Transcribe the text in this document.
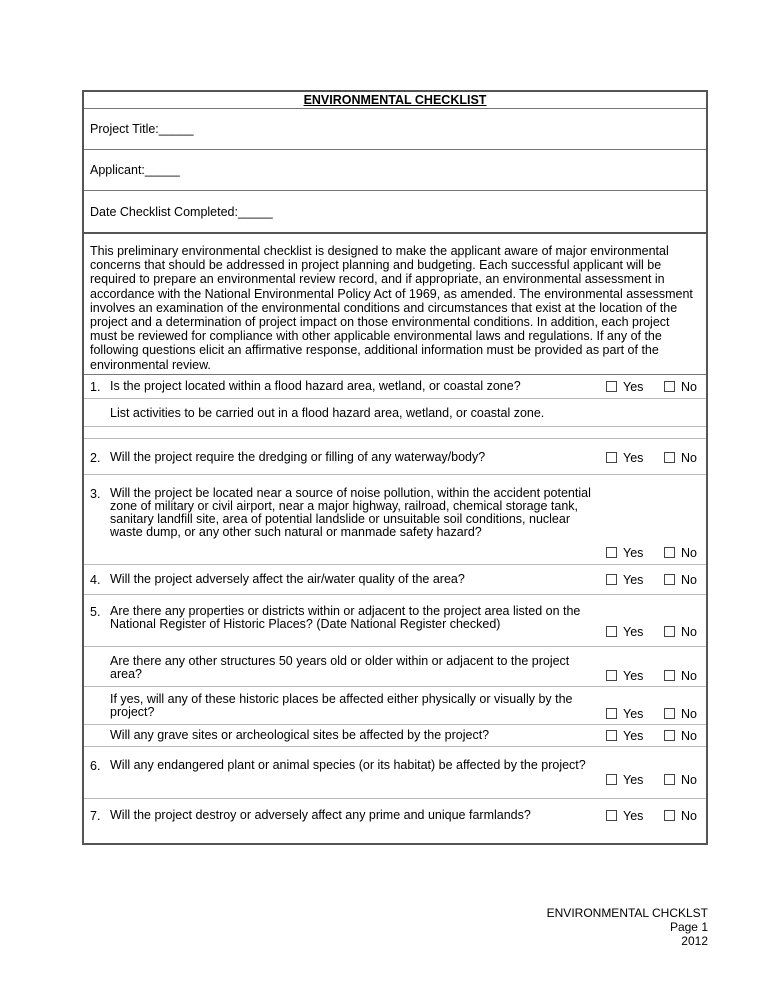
ENVIRONMENTAL CHECKLIST
Project Title: _____
Applicant: _____
Date Checklist Completed: _____
This preliminary environmental checklist is designed to make the applicant aware of major environmental concerns that should be addressed in project planning and budgeting. Each successful applicant will be required to prepare an environmental review record, and if appropriate, an environmental assessment in accordance with the National Environmental Policy Act of 1969, as amended. The environmental assessment involves an examination of the environmental conditions and circumstances that exist at the location of the project and a determination of project impact on those environmental conditions. In addition, each project must be reviewed for compliance with other applicable environmental laws and regulations. If any of the following questions elicit an affirmative response, additional information must be provided as part of the environmental review.
1. Is the project located within a flood hazard area, wetland, or coastal zone?	Yes	No
List activities to be carried out in a flood hazard area, wetland, or coastal zone.
2. Will the project require the dredging or filling of any waterway/body?	Yes	No
3. Will the project be located near a source of noise pollution, within the accident potential zone of military or civil airport, near a major highway, railroad, chemical storage tank, sanitary landfill site, area of potential landslide or unsuitable soil conditions, nuclear waste dump, or any other such natural or manmade safety hazard?
Yes	No
4. Will the project adversely affect the air/water quality of the area?	Yes	No
5. Are there any properties or districts within or adjacent to the project area listed on the National Register of Historic Places? (Date National Register checked)
Yes	No
Are there any other structures 50 years old or older within or adjacent to the project area?	Yes	No
If yes, will any of these historic places be affected either physically or visually by the project?	Yes	No
Will any grave sites or archeological sites be affected by the project?	Yes	No
6. Will any endangered plant or animal species (or its habitat) be affected by the project?
Yes	No
7. Will the project destroy or adversely affect any prime and unique farmlands?	Yes	No
ENVIRONMENTAL CHCKLST
Page 1
2012
